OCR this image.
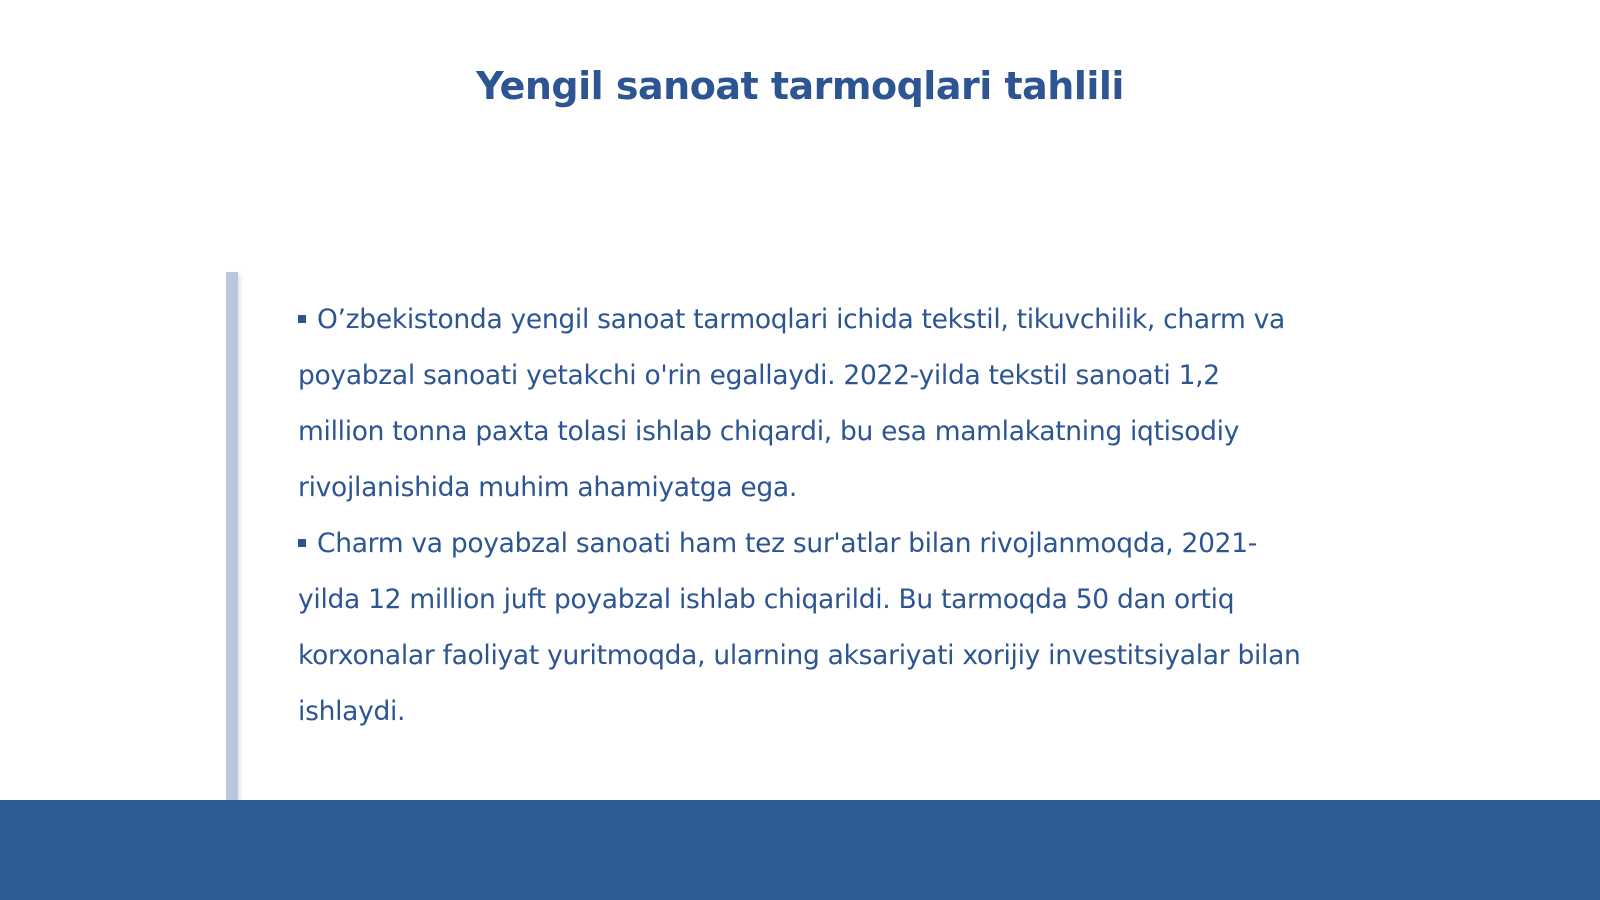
Yengil sanoat tarmoqlari tahlili

O’zbekistonda yengil sanoat tarmoqlari ichida tekstil, tikuvchilik, charm va poyabzal sanoati yetakchi o'rin egallaydi. 2022-yilda tekstil sanoati 1,2 million tonna paxta tolasi ishlab chiqardi, bu esa mamlakatning iqtisodiy rivojlanishida muhim ahamiyatga ega.

Charm va poyabzal sanoati ham tez sur'atlar bilan rivojlanmoqda, 2021-yilda 12 million juft poyabzal ishlab chiqarildi. Bu tarmoqda 50 dan ortiq korxonalar faoliyat yuritmoqda, ularning aksariyati xorijiy investitsiyalar bilan ishlaydi.
